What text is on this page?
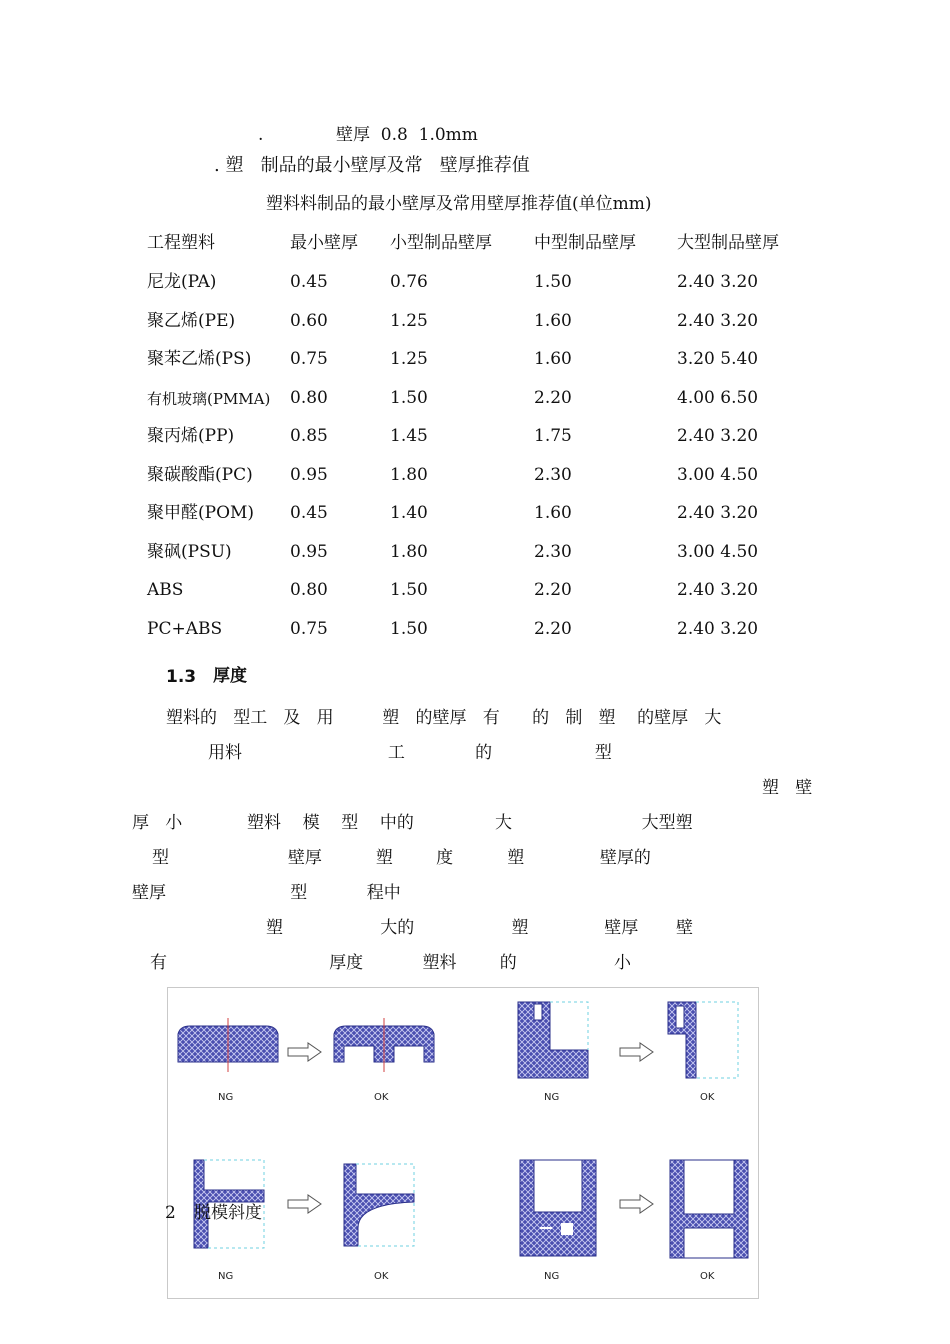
.	壁厚  0.8  1.0mm
. 塑   制品的最小壁厚及常   壁厚推荐值
塑料料制品的最小壁厚及常用壁厚推荐值(单位mm)
工程塑料	最小壁厚 小型制品壁厚 中型制品壁厚 大型制品壁厚
尼龙(PA)	0.45	0.76	1.50	2.40 3.20
聚乙烯(PE)	0.60	1.25	1.60	2.40 3.20
聚苯乙烯(PS) 0.75	1.25	1.60	3.20 5.40
有机玻璃(PMMA) 0.80	1.50	2.20	4.00 6.50
聚丙烯(PP)	0.85	1.45	1.75	2.40 3.20
聚碳酸酯(PC) 0.95	1.80	2.30	3.00 4.50
聚甲醛(POM) 0.45	1.40	1.60	2.40 3.20
聚砜(PSU)	0.95	1.80	2.30	3.00 4.50
ABS	0.80	1.50	2.20	2.40 3.20
PC+ABS	0.75	1.50	2.20	2.40 3.20
1.3 厚度
塑料的   型工   及   用         塑   的壁厚   有      的   制   塑    的壁厚   大
用料                           工             的                   型
塑   壁
厚   小            塑料    模    型    中的               大                        大型塑
型                      壁厚          塑        度          塑              壁厚的
壁厚                       型           程中
塑                  大的                  塑              壁厚       壁
有                              厚度           塑料        的                  小
NG	OK	NG	OK
NG	OK	NG	OK
2 脱模斜度
